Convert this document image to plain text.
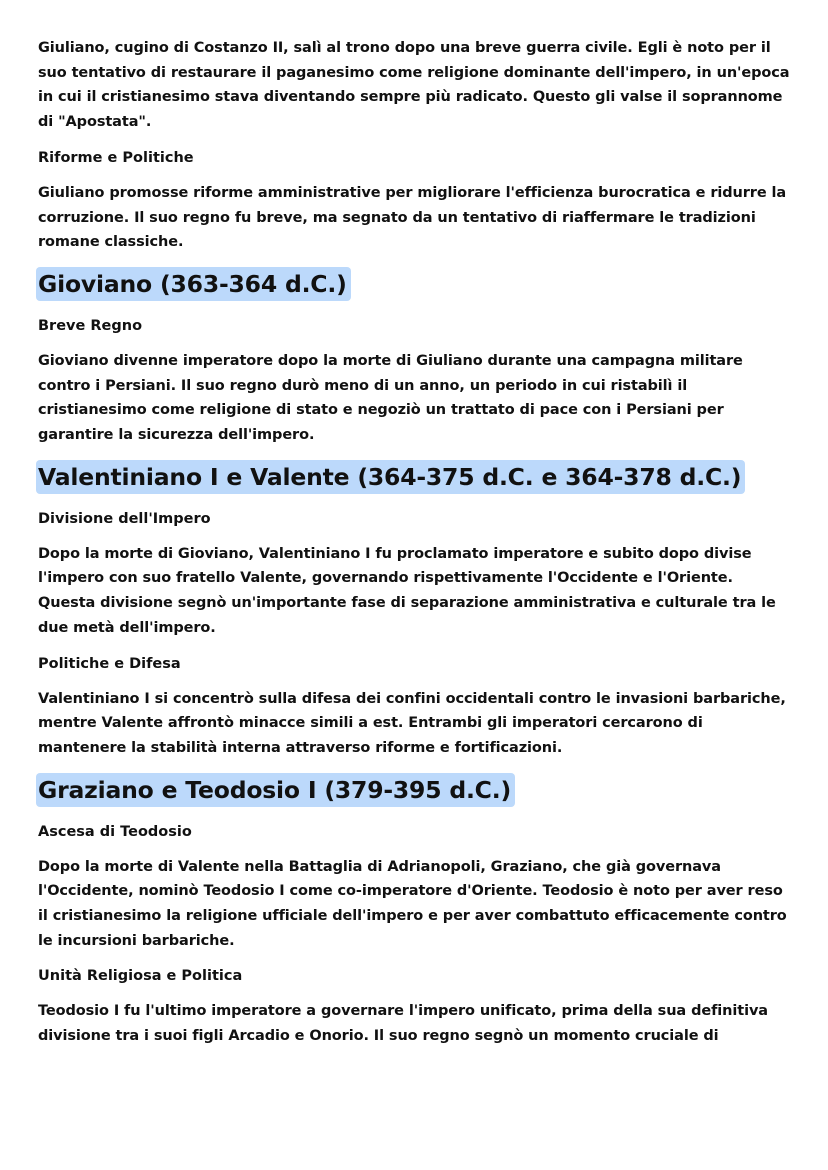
Giuliano, cugino di Costanzo II, salì al trono dopo una breve guerra civile. Egli è noto per il suo tentativo di restaurare il paganesimo come religione dominante dell'impero, in un'epoca in cui il cristianesimo stava diventando sempre più radicato. Questo gli valse il soprannome di "Apostata".

Riforme e Politiche

Giuliano promosse riforme amministrative per migliorare l'efficienza burocratica e ridurre la corruzione. Il suo regno fu breve, ma segnato da un tentativo di riaffermare le tradizioni romane classiche.

Gioviano (363-364 d.C.)

Breve Regno

Gioviano divenne imperatore dopo la morte di Giuliano durante una campagna militare contro i Persiani. Il suo regno durò meno di un anno, un periodo in cui ristabilì il cristianesimo come religione di stato e negoziò un trattato di pace con i Persiani per garantire la sicurezza dell'impero.

Valentiniano I e Valente (364-375 d.C. e 364-378 d.C.)

Divisione dell'Impero

Dopo la morte di Gioviano, Valentiniano I fu proclamato imperatore e subito dopo divise l'impero con suo fratello Valente, governando rispettivamente l'Occidente e l'Oriente. Questa divisione segnò un'importante fase di separazione amministrativa e culturale tra le due metà dell'impero.

Politiche e Difesa

Valentiniano I si concentrò sulla difesa dei confini occidentali contro le invasioni barbariche, mentre Valente affrontò minacce simili a est. Entrambi gli imperatori cercarono di mantenere la stabilità interna attraverso riforme e fortificazioni.

Graziano e Teodosio I (379-395 d.C.)

Ascesa di Teodosio

Dopo la morte di Valente nella Battaglia di Adrianopoli, Graziano, che già governava l'Occidente, nominò Teodosio I come co-imperatore d'Oriente. Teodosio è noto per aver reso il cristianesimo la religione ufficiale dell'impero e per aver combattuto efficacemente contro le incursioni barbariche.

Unità Religiosa e Politica

Teodosio I fu l'ultimo imperatore a governare l'impero unificato, prima della sua definitiva divisione tra i suoi figli Arcadio e Onorio. Il suo regno segnò un momento cruciale di
